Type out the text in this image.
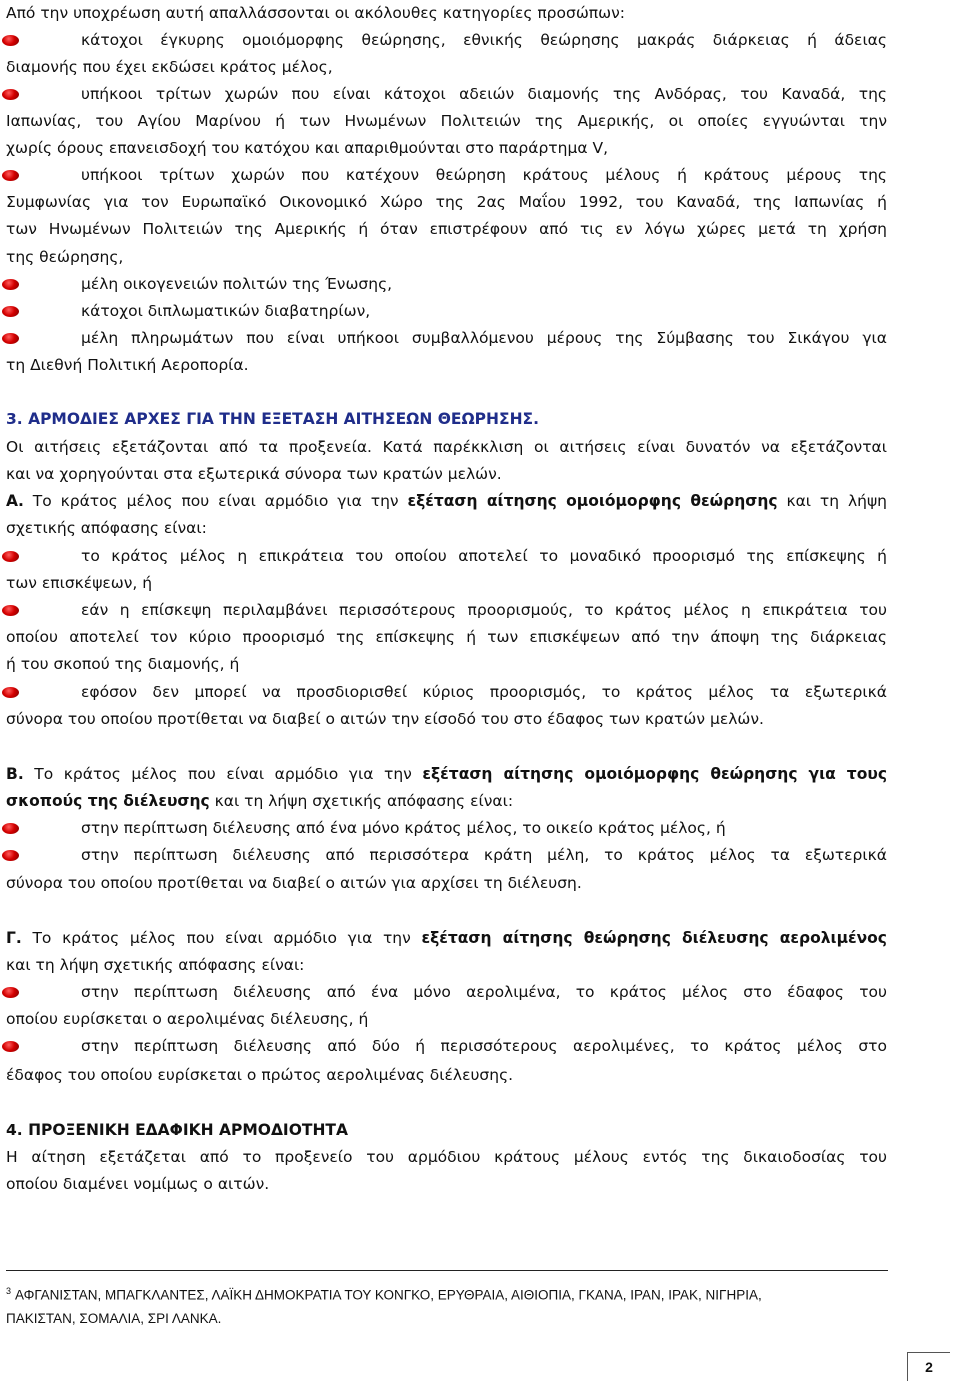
Από την υποχρέωση αυτή απαλλάσσονται οι ακόλουθες κατηγορίες προσώπων:

κάτοχοι έγκυρης ομοιόμορφης θεώρησης, εθνικής θεώρησης μακράς διάρκειας ή άδειας

διαμονής που έχει εκδώσει κράτος μέλος,

υπήκοοι τρίτων χωρών που είναι κάτοχοι αδειών διαμονής της Ανδόρας, του Καναδά, της

Ιαπωνίας, του Αγίου Μαρίνου ή των Ηνωμένων Πολιτειών της Αμερικής, οι οποίες εγγυώνται την

χωρίς όρους επανεισδοχή του κατόχου και απαριθμούνται στο παράρτημα V,

υπήκοοι τρίτων χωρών που κατέχουν θεώρηση κράτους μέλους ή κράτους μέρους της

Συμφωνίας για τον Ευρωπαϊκό Οικονομικό Χώρο της 2ας Μαΐου 1992, του Καναδά, της Ιαπωνίας ή

των Ηνωμένων Πολιτειών της Αμερικής ή όταν επιστρέφουν από τις εν λόγω χώρες μετά τη χρήση

της θεώρησης,

μέλη οικογενειών πολιτών της Ένωσης,

κάτοχοι διπλωματικών διαβατηρίων,

μέλη πληρωμάτων που είναι υπήκοοι συμβαλλόμενου μέρους της Σύμβασης του Σικάγου για

τη Διεθνή Πολιτική Αεροπορία.

3. ΑΡΜΟΔΙΕΣ ΑΡΧΕΣ ΓΙΑ ΤΗΝ ΕΞΕΤΑΣΗ ΑΙΤΗΣΕΩΝ ΘΕΩΡΗΣΗΣ.

Οι αιτήσεις εξετάζονται από τα προξενεία. Κατά παρέκκλιση οι αιτήσεις είναι δυνατόν να εξετάζονται

και να χορηγούνται στα εξωτερικά σύνορα των κρατών μελών.

Α. Το κράτος μέλος που είναι αρμόδιο για την εξέταση αίτησης ομοιόμορφης θεώρησης και τη λήψη

σχετικής απόφασης είναι:

το κράτος μέλος η επικράτεια του οποίου αποτελεί το μοναδικό προορισμό της επίσκεψης ή

των επισκέψεων, ή

εάν η επίσκεψη περιλαμβάνει περισσότερους προορισμούς, το κράτος μέλος η επικράτεια του

οποίου αποτελεί τον κύριο προορισμό της επίσκεψης ή των επισκέψεων από την άποψη της διάρκειας

ή του σκοπού της διαμονής, ή

εφόσον δεν μπορεί να προσδιορισθεί κύριος προορισμός, το κράτος μέλος τα εξωτερικά

σύνορα του οποίου προτίθεται να διαβεί ο αιτών την είσοδό του στο έδαφος των κρατών μελών.

Β. Το κράτος μέλος που είναι αρμόδιο για την εξέταση αίτησης ομοιόμορφης θεώρησης για τους

σκοπούς της διέλευσης και τη λήψη σχετικής απόφασης είναι:

στην περίπτωση διέλευσης από ένα μόνο κράτος μέλος, το οικείο κράτος μέλος, ή

στην περίπτωση διέλευσης από περισσότερα κράτη μέλη, το κράτος μέλος τα εξωτερικά

σύνορα του οποίου προτίθεται να διαβεί ο αιτών για αρχίσει τη διέλευση.

Γ. Το κράτος μέλος που είναι αρμόδιο για την εξέταση αίτησης θεώρησης διέλευσης αερολιμένος

και τη λήψη σχετικής απόφασης είναι:

στην περίπτωση διέλευσης από ένα μόνο αερολιμένα, το κράτος μέλος στο έδαφος του

οποίου ευρίσκεται ο αερολιμένας διέλευσης, ή

στην περίπτωση διέλευσης από δύο ή περισσότερους αερολιμένες, το κράτος μέλος στο

έδαφος του οποίου ευρίσκεται ο πρώτος αερολιμένας διέλευσης.

4. ΠΡΟΞΕΝΙΚΗ ΕΔΑΦΙΚΗ ΑΡΜΟΔΙΟΤΗΤΑ

Η αίτηση εξετάζεται από το προξενείο του αρμόδιου κράτους μέλους εντός της δικαιοδοσίας του

οποίου διαμένει νομίμως ο αιτών.

$^3$ ΑΦΓΑΝΙΣΤΑΝ, ΜΠΑΓΚΛΑΝΤΕΣ, ΛΑΪΚΗ ΔΗΜΟΚΡΑΤΙΑ ΤΟΥ ΚΟΝΓΚΟ, ΕΡΥΘΡΑΙΑ, ΑΙΘΙΟΠΙΑ, ΓΚΑΝΑ, ΙΡΑΝ, ΙΡΑΚ, ΝΙΓΗΡΙΑ,
ΠΑΚΙΣΤΑΝ, ΣΟΜΑΛΙΑ, ΣΡΙ ΛΑΝΚΑ.

2
